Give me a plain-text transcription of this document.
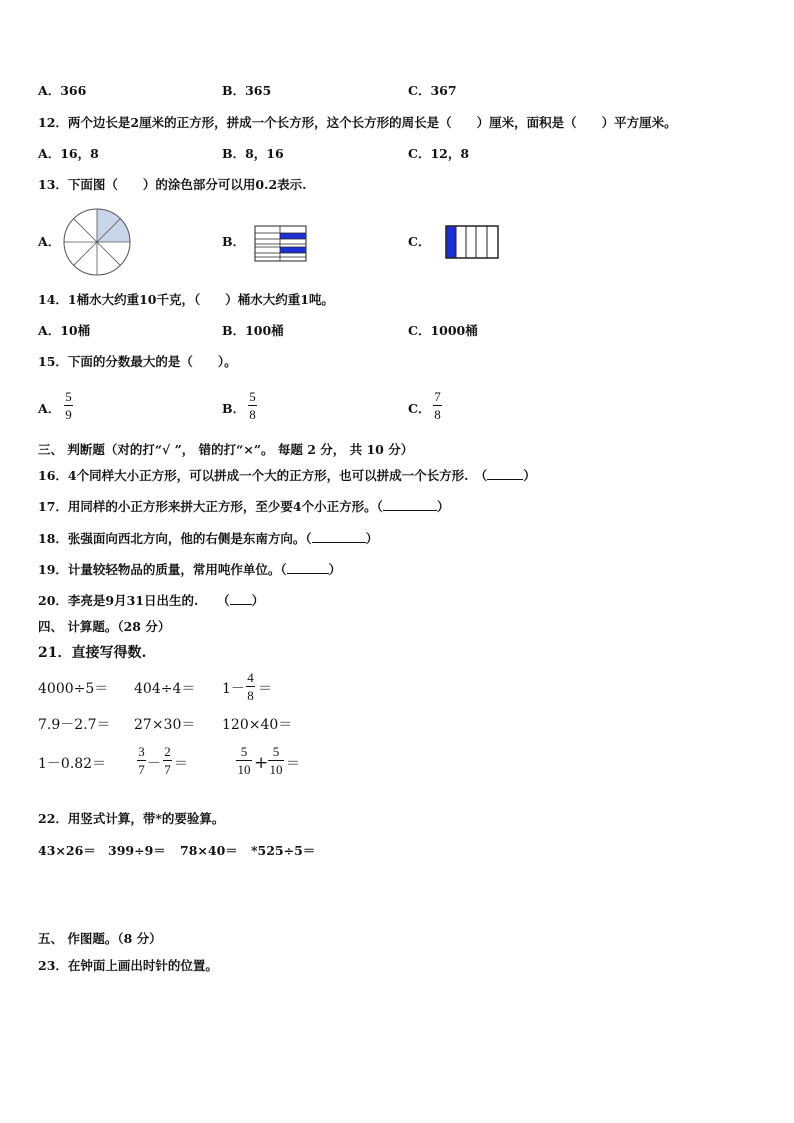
A．366	B．365	C．367
12．两个边长是2厘米的正方形，拼成一个长方形，这个长方形的周长是（　　）厘米，面积是（　　）平方厘米。
A．16，8	B．8，16	C．12，8
13．下面图（　　）的涂色部分可以用0.2表示.
A．	B．	C．
14．1桶水大约重10千克，（　　）桶水大约重1吨。
A．10桶	B．100桶	C．1000桶
15．下面的分数最大的是（　　）。
A．
5
9	B．
5
8	C．
7
8
三、 判断题（对的打“√ ”， 错的打“×”。 每题 2 分， 共 10 分）
16．4个同样大小正方形，可以拼成一个大的正方形，也可以拼成一个长方形.　（	）
17．用同样的小正方形来拼大正方形，至少要4个小正方形。（	）
18．张强面向西北方向，他的右侧是东南方向。（	）
19．计量较轻物品的质量，常用吨作单位。（	）
20．李亮是9月31日出生的.　　（ ）
四、 计算题。（28 分）
21．直接写得数.
4000÷5＝ 404÷4＝ 1－
4
8 ＝
7.9－2.7＝ 27×30＝ 120×40＝
1－0.82＝
3
7 －
2
7 ＝
5
10 +
5
10 ＝
22．用竖式计算，带*的要验算。
43×26＝ 399÷9＝ 78×40＝ *525÷5＝
五、 作图题。（8 分）
23．在钟面上画出时针的位置。
